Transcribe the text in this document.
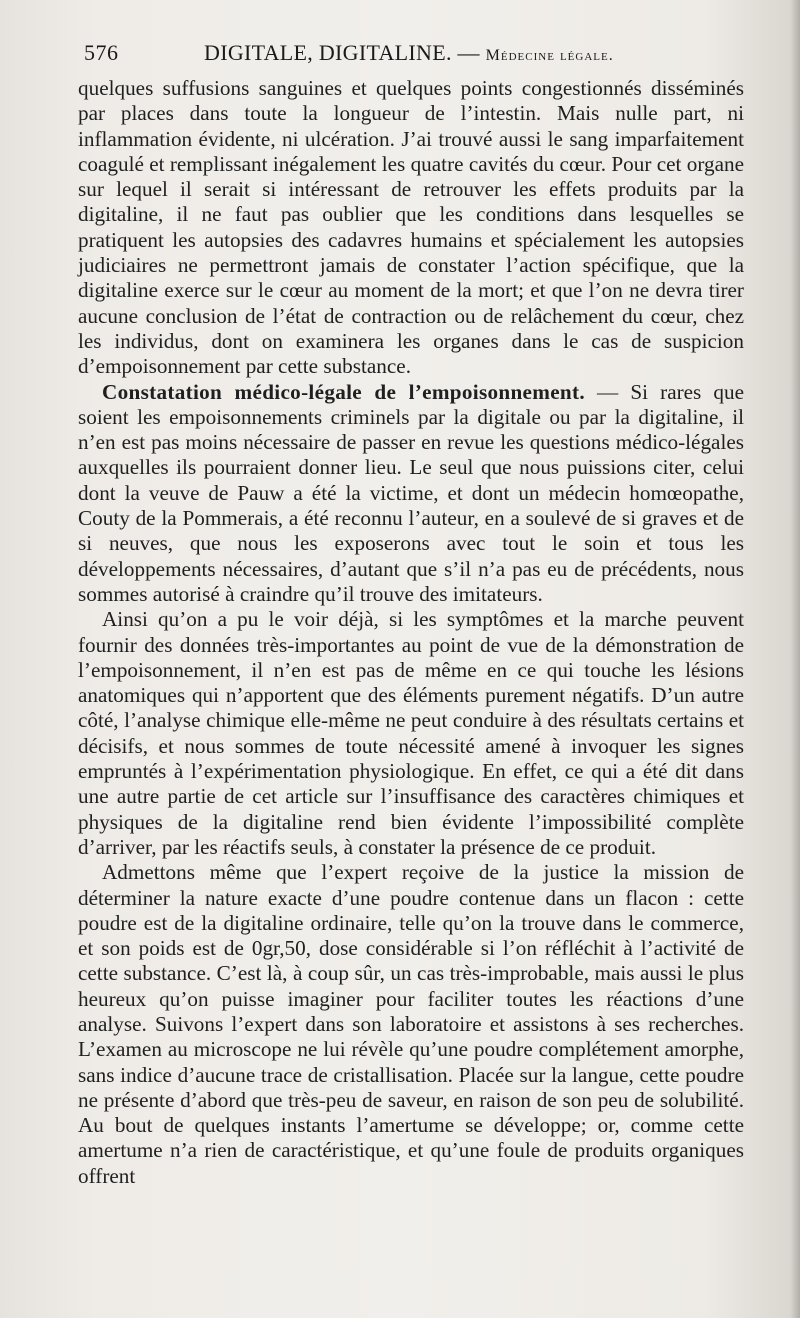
576	DIGITALE, DIGITALINE. — Médecine légale.

quelques suffusions sanguines et quelques points congestionnés disséminés par places dans toute la longueur de l’intestin. Mais nulle part, ni inflammation évidente, ni ulcération. J’ai trouvé aussi le sang imparfaitement coagulé et remplissant inégalement les quatre cavités du cœur. Pour cet organe sur lequel il serait si intéressant de retrouver les effets produits par la digitaline, il ne faut pas oublier que les conditions dans lesquelles se pratiquent les autopsies des cadavres humains et spécialement les autopsies judiciaires ne permettront jamais de constater l’action spécifique, que la digitaline exerce sur le cœur au moment de la mort; et que l’on ne devra tirer aucune conclusion de l’état de contraction ou de relâchement du cœur, chez les individus, dont on examinera les organes dans le cas de suspicion d’empoisonnement par cette substance.

Constatation médico-légale de l’empoisonnement. — Si rares que soient les empoisonnements criminels par la digitale ou par la digitaline, il n’en est pas moins nécessaire de passer en revue les questions médico-légales auxquelles ils pourraient donner lieu. Le seul que nous puissions citer, celui dont la veuve de Pauw a été la victime, et dont un médecin homœopathe, Couty de la Pommerais, a été reconnu l’auteur, en a soulevé de si graves et de si neuves, que nous les exposerons avec tout le soin et tous les développements nécessaires, d’autant que s’il n’a pas eu de précédents, nous sommes autorisé à craindre qu’il trouve des imitateurs.

Ainsi qu’on a pu le voir déjà, si les symptômes et la marche peuvent fournir des données très-importantes au point de vue de la démonstration de l’empoisonnement, il n’en est pas de même en ce qui touche les lésions anatomiques qui n’apportent que des éléments purement négatifs. D’un autre côté, l’analyse chimique elle-même ne peut conduire à des résultats certains et décisifs, et nous sommes de toute nécessité amené à invoquer les signes empruntés à l’expérimentation physiologique. En effet, ce qui a été dit dans une autre partie de cet article sur l’insuffisance des caractères chimiques et physiques de la digitaline rend bien évidente l’impossibilité complète d’arriver, par les réactifs seuls, à constater la présence de ce produit.

Admettons même que l’expert reçoive de la justice la mission de déterminer la nature exacte d’une poudre contenue dans un flacon : cette poudre est de la digitaline ordinaire, telle qu’on la trouve dans le commerce, et son poids est de 0gr,50, dose considérable si l’on réfléchit à l’activité de cette substance. C’est là, à coup sûr, un cas très-improbable, mais aussi le plus heureux qu’on puisse imaginer pour faciliter toutes les réactions d’une analyse. Suivons l’expert dans son laboratoire et assistons à ses recherches. L’examen au microscope ne lui révèle qu’une poudre complétement amorphe, sans indice d’aucune trace de cristallisation. Placée sur la langue, cette poudre ne présente d’abord que très-peu de saveur, en raison de son peu de solubilité. Au bout de quelques instants l’amertume se développe; or, comme cette amertume n’a rien de caractéristique, et qu’une foule de produits organiques offrent
